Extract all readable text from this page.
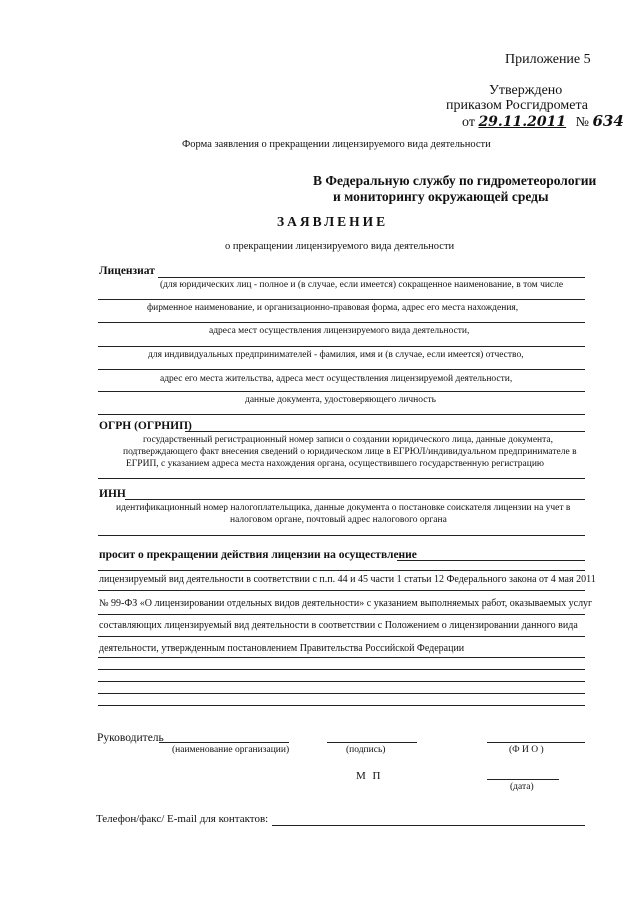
Приложение 5
Утверждено
приказом Росгидромета
от 29.11.2011 № 634
Форма заявления о прекращении лицензируемого вида деятельности
В Федеральную службу по гидрометеорологии
и мониторингу окружающей среды
ЗАЯВЛЕНИЕ
о прекращении лицензируемого вида деятельности
Лицензиат
(для юридических лиц - полное и (в случае, если имеется) сокращенное наименование, в том числе
фирменное наименование, и организационно-правовая форма, адрес его места нахождения,
адреса мест осуществления лицензируемого вида деятельности,
для индивидуальных предпринимателей - фамилия, имя и (в случае, если имеется) отчество,
адрес его места жительства, адреса мест осуществления лицензируемой деятельности,
данные документа, удостоверяющего личность
ОГРН (ОГРНИП)
государственный регистрационный номер записи о создании юридического лица, данные документа,
подтверждающего факт внесения сведений о юридическом лице в ЕГРЮЛ/индивидуальном предпринимателе в
ЕГРИП, с указанием адреса места нахождения органа, осуществившего государственную регистрацию
ИНН
идентификационный номер налогоплательщика, данные документа о постановке соискателя лицензии на учет в
налоговом органе, почтовый адрес налогового органа
просит о прекращении действия лицензии на осуществление
лицензируемый вид деятельности в соответствии с п.п. 44 и 45 части 1 статьи 12 Федерального закона от 4 мая 2011
№ 99-ФЗ «О лицензировании отдельных видов деятельности» с указанием выполняемых работ, оказываемых услуг
составляющих лицензируемый вид деятельности в соответствии с Положением о лицензировании данного вида
деятельности, утвержденным постановлением Правительства Российской Федерации
Руководитель
(наименование организации)	(подпись)	(Ф И О )
М П
(дата)
Телефон/факс/ E-mail для контактов:
